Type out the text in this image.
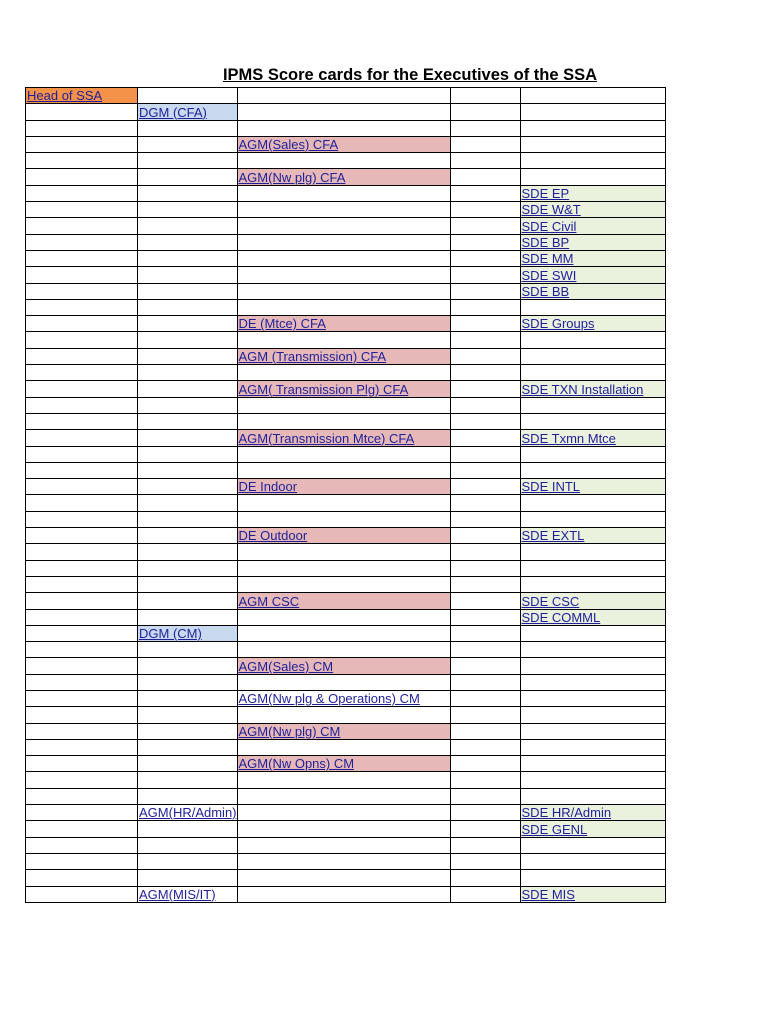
IPMS Score cards for the Executives of the SSA
Head of SSA				
	DGM (CFA)			

		AGM(Sales) CFA		

		AGM(Nw plg) CFA		
				SDE EP
				SDE W&T
				SDE Civil
				SDE BP
				SDE MM
				SDE SWI
				SDE BB

		DE (Mtce) CFA		SDE Groups

		AGM (Transmission) CFA		

		AGM( Transmission Plg) CFA		SDE TXN Installation

		AGM(Transmission Mtce) CFA		SDE Txmn Mtce

		DE Indoor		SDE INTL

		DE Outdoor		SDE EXTL

		AGM CSC		SDE CSC
				SDE COMML
	DGM (CM)			

		AGM(Sales) CM		

		AGM(Nw plg & Operations) CM		

		AGM(Nw plg) CM		

		AGM(Nw Opns) CM		

	AGM(HR/Admin)			SDE HR/Admin
				SDE GENL

	AGM(MIS/IT)			SDE MIS
